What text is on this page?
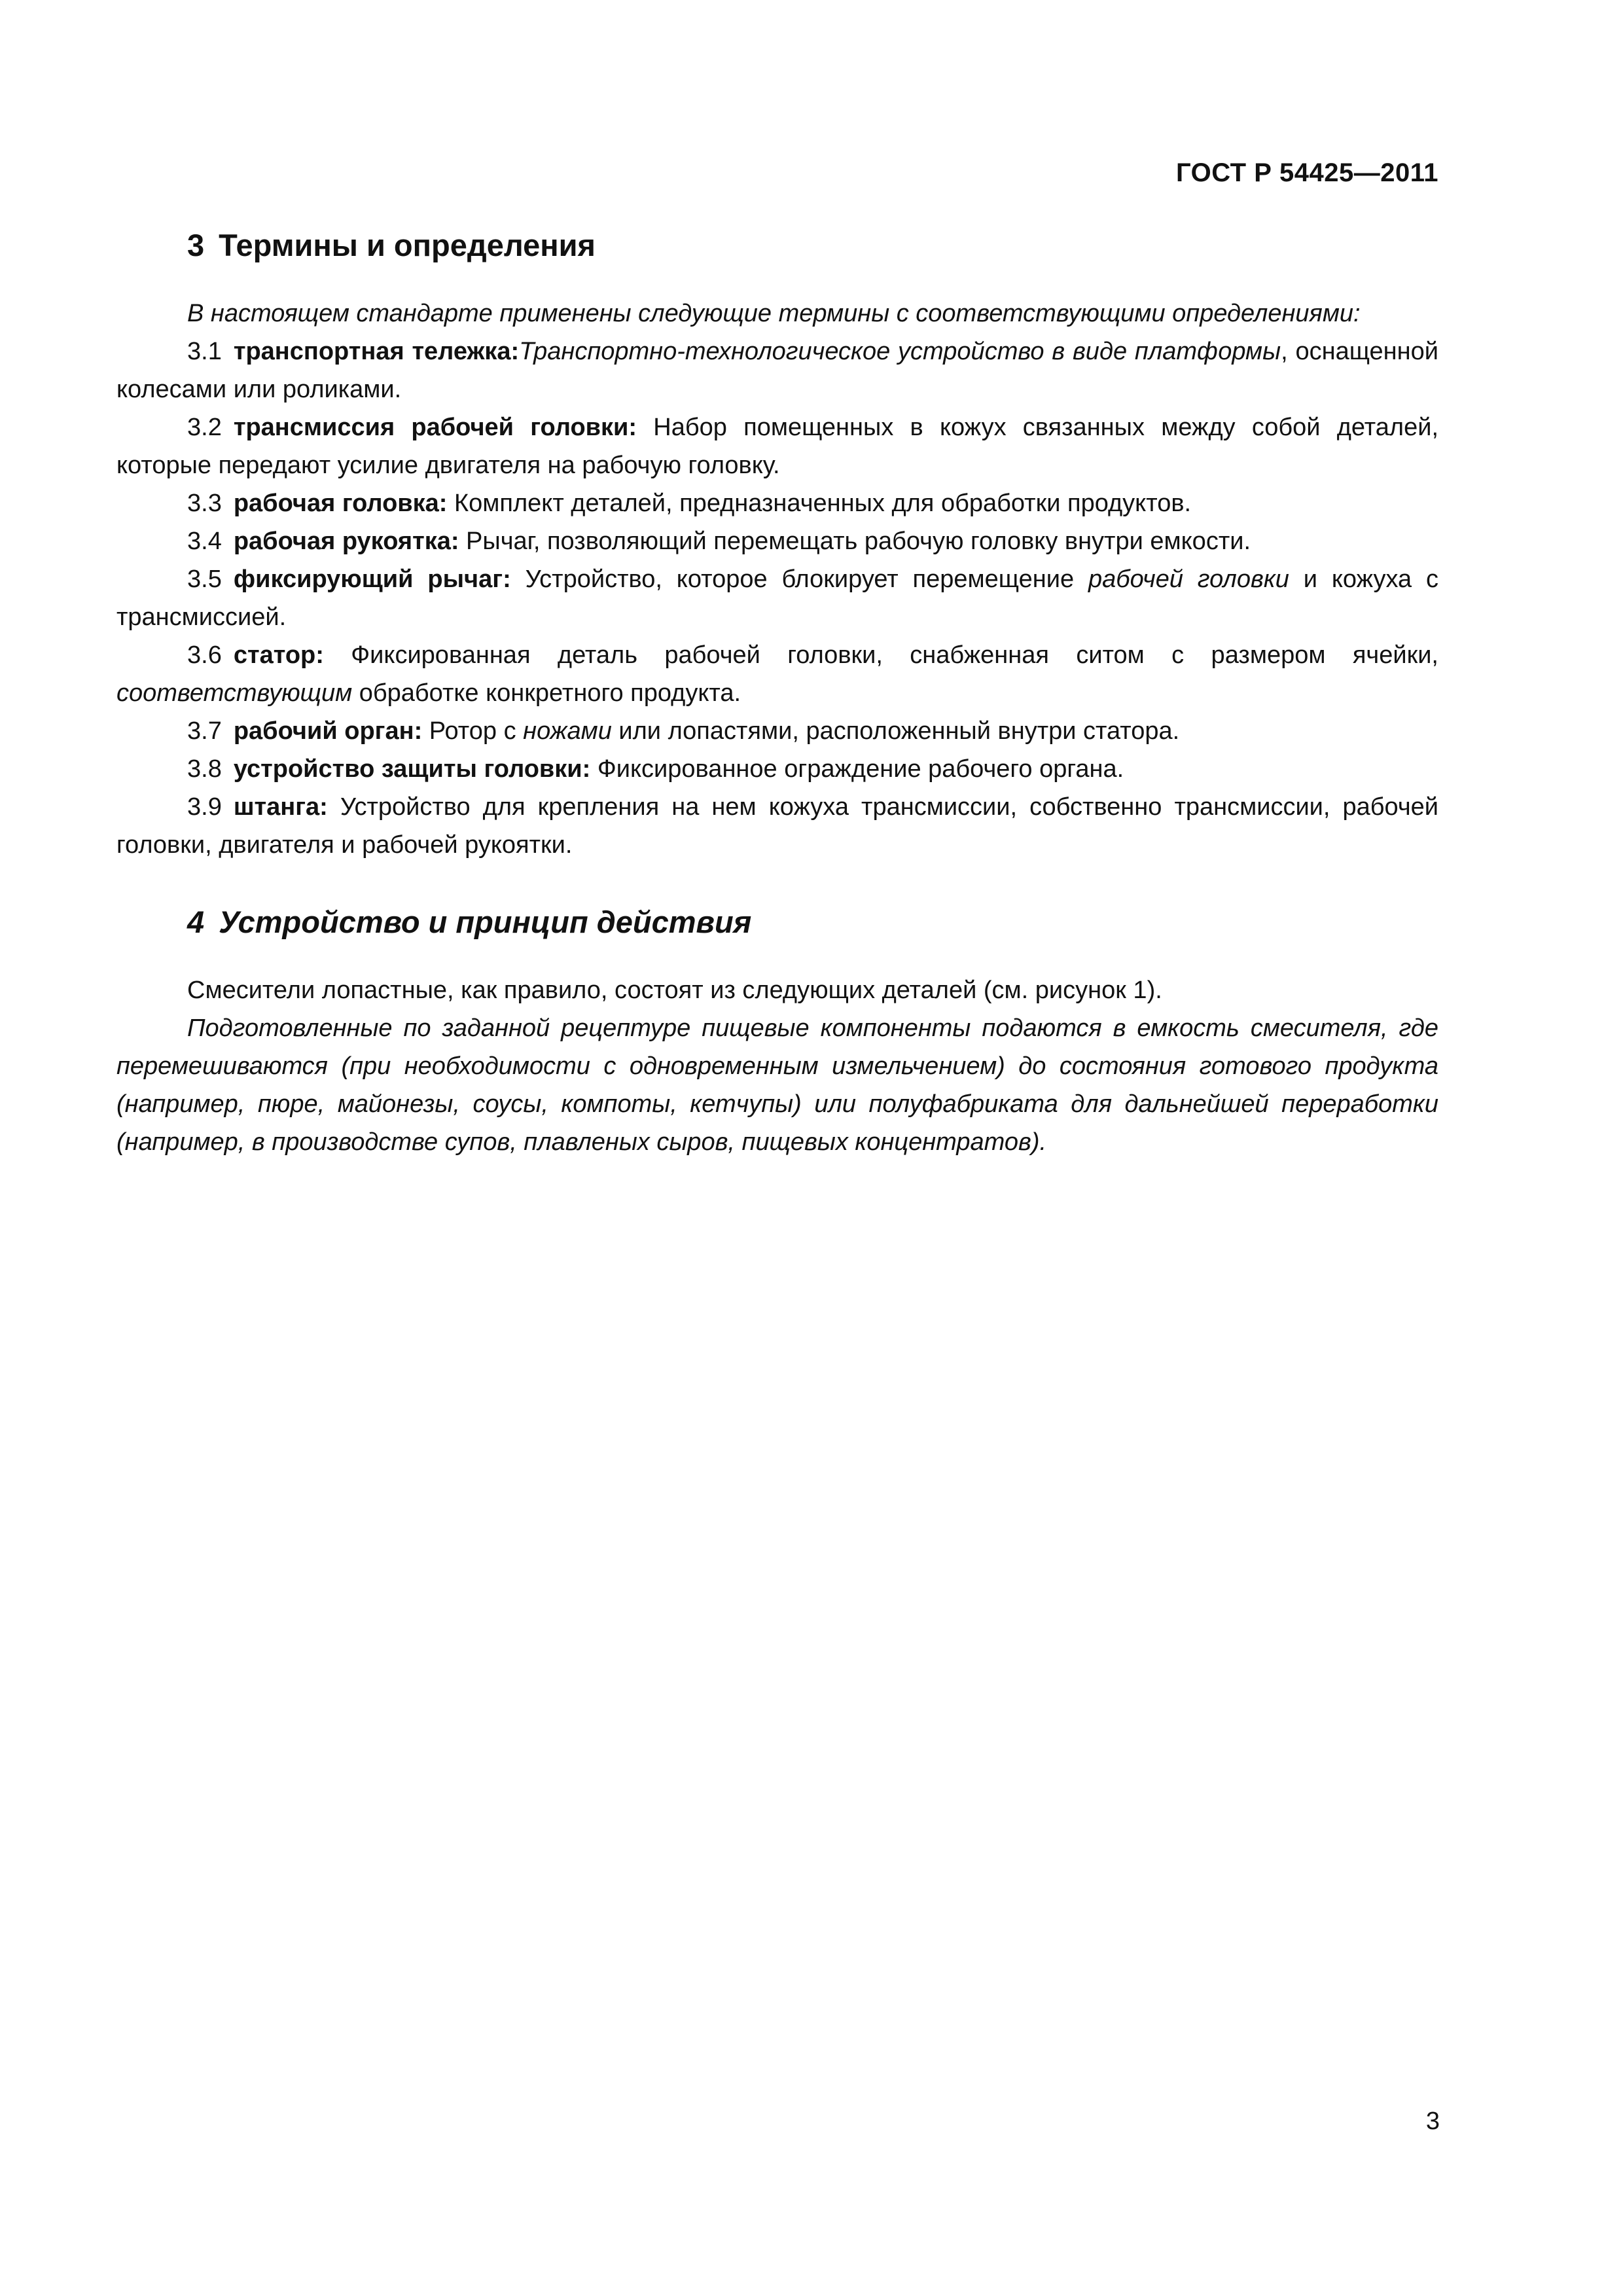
ГОСТ Р 54425—2011
3 Термины и определения

В настоящем стандарте применены следующие термины с соответствующими определениями:

3.1 транспортная тележка:Транспортно-технологическое устройство в виде платформы, оснащенной колесами или роликами.

3.2 трансмиссия рабочей головки: Набор помещенных в кожух связанных между собой деталей, которые передают усилие двигателя на рабочую головку.

3.3 рабочая головка: Комплект деталей, предназначенных для обработки продуктов.

3.4 рабочая рукоятка: Рычаг, позволяющий перемещать рабочую головку внутри емкости.

3.5 фиксирующий рычаг: Устройство, которое блокирует перемещение рабочей головки и кожуха с трансмиссией.

3.6 статор: Фиксированная деталь рабочей головки, снабженная ситом с размером ячейки, соответствующим обработке конкретного продукта.

3.7 рабочий орган: Ротор с ножами или лопастями, расположенный внутри статора.

3.8 устройство защиты головки: Фиксированное ограждение рабочего органа.

3.9 штанга: Устройство для крепления на нем кожуха трансмиссии, собственно трансмиссии, рабочей головки, двигателя и рабочей рукоятки.

4 Устройство и принцип действия

Смесители лопастные, как правило, состоят из следующих деталей (см. рисунок 1).

Подготовленные по заданной рецептуре пищевые компоненты подаются в емкость смесителя, где перемешиваются (при необходимости с одновременным измельчением) до состояния готового продукта (например, пюре, майонезы, соусы, компоты, кетчупы) или полуфабриката для дальнейшей переработки (например, в производстве супов, плавленых сыров, пищевых концентратов).

3
